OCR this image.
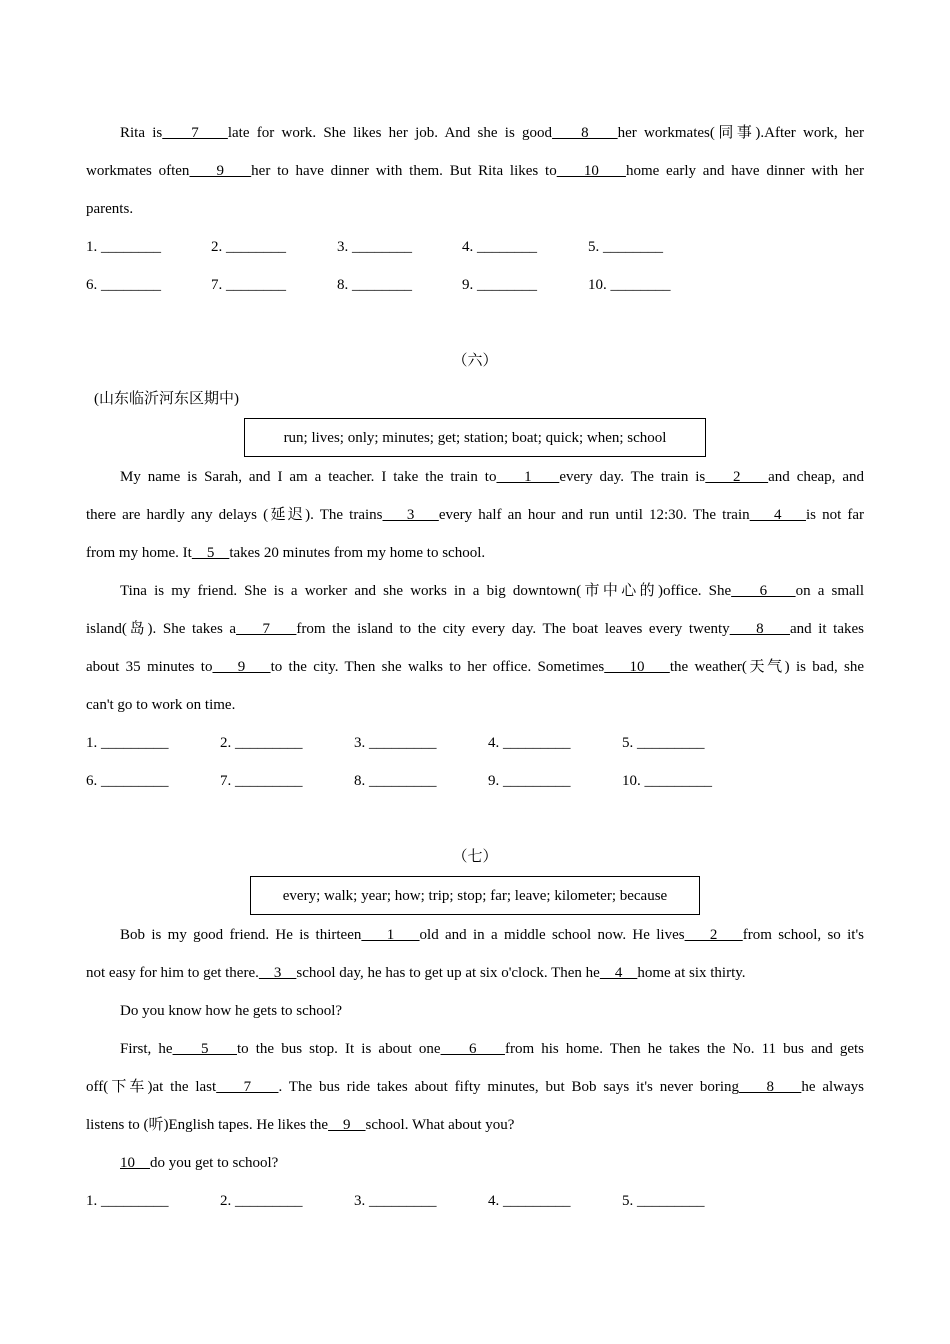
Rita is    7    late for work. She likes her job. And she is good    8    her workmates(同事).After work, her
workmates often    9    her to have dinner with them. But Rita likes to    10    home early and have dinner with her
parents.
1. ________	2. ________	3. ________	4. ________	5. ________
6. ________	7. ________	8. ________	9. ________	10. ________
（六）
(山东临沂河东区期中)
run; lives; only; minutes; get; station; boat; quick; when; school
My name is Sarah, and I am a teacher. I take the train to    1    every day. The train is    2    and cheap, and
there are hardly any delays (延迟). The trains    3    every half an hour and run until 12:30. The train    4    is not far
from my home. It    5    takes 20 minutes from my home to school.
Tina is my friend. She is a worker and she works in a big downtown(市中心的)office. She    6    on a small
island(岛). She takes a    7    from the island to the city every day. The boat leaves every twenty    8    and it takes
about 35 minutes to    9    to the city. Then she walks to her office. Sometimes    10    the weather(天气) is bad, she
can't go to work on time.
1. _________	2. _________	3. _________	4. _________	5. _________
6. _________	7. _________	8. _________	9. _________	10. _________
（七）
every; walk; year; how; trip; stop; far; leave; kilometer; because
Bob is my good friend. He is thirteen    1    old and in a middle school now. He lives    2    from school, so it's
not easy for him to get there.    3    school day, he has to get up at six o'clock. Then he    4    home at six thirty.
Do you know how he gets to school?
First, he    5    to the bus stop. It is about one    6    from his home. Then he takes the No. 11 bus and gets
off(下车)at the last    7    . The bus ride takes about fifty minutes, but Bob says it's never boring    8    he always
listens to (听)English tapes. He likes the    9    school. What about you?
10 do you get to school?
1. _________	2. _________	3. _________	4. _________	5. _________
